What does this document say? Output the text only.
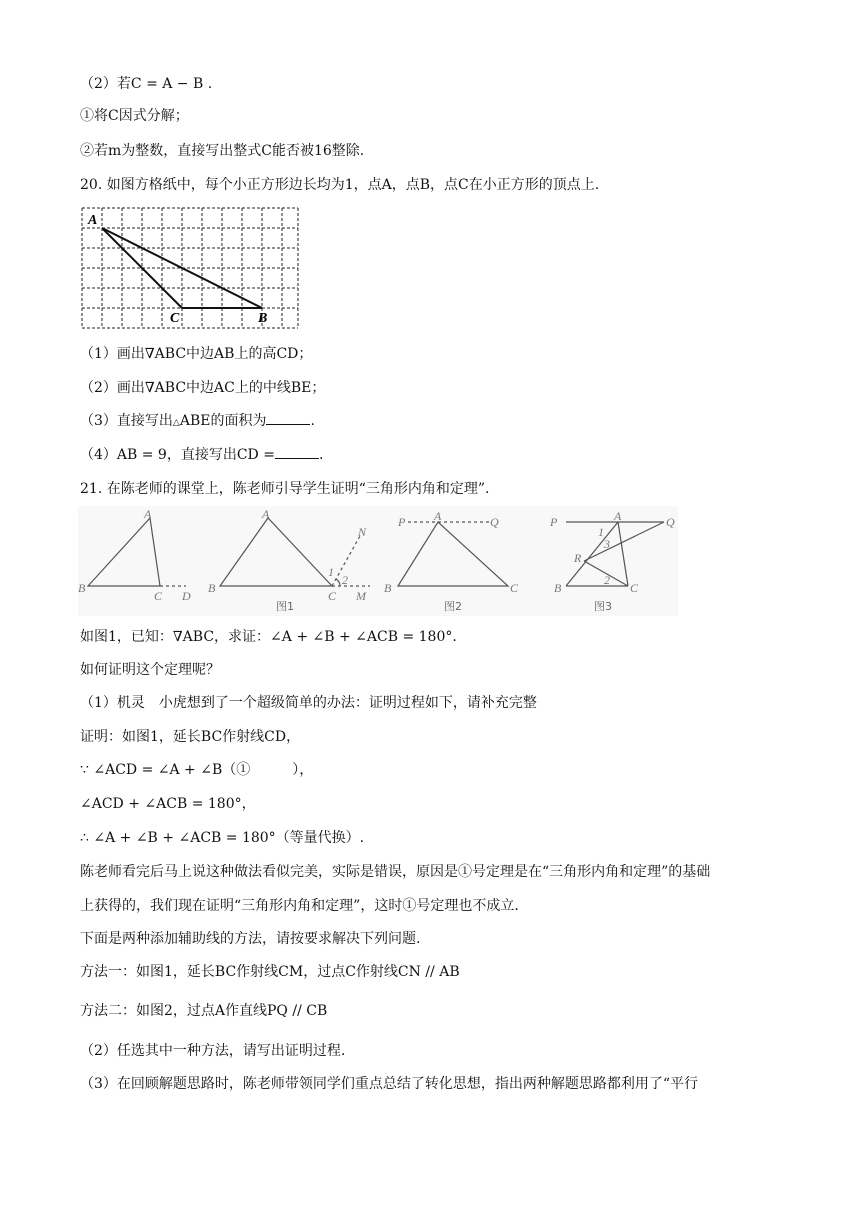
（2）若C = A − B .
①将C因式分解；
②若m为整数，直接写出整式C能否被16整除.
20. 如图方格纸中，每个小正方形边长均为1，点A，点B，点C在小正方形的顶点上.
A
C	B
（1）画出∇ABC中边AB上的高CD；
（2）画出∇ABC中边AC上的中线BE；
（3）直接写出△ABE的面积为	.
（4）AB = 9，直接写出CD =	.
21. 在陈老师的课堂上，陈老师引导学生证明“三角形内角和定理”.
A
B
C D
A
B
C M
N
1
2
图1
P A	Q
B	C
图2
P	A	Q
R
B	C
1
3
2
图3
如图1，已知：∇ABC，求证：∠A + ∠B + ∠ACB = 180°.
如何证明这个定理呢？
（1）机灵　小虎想到了一个超级简单的办法：证明过程如下，请补充完整
证明：如图1，延长BC作射线CD，
∵ ∠ACD = ∠A + ∠B（①　　　），
∠ACD + ∠ACB = 180°，
∴ ∠A + ∠B + ∠ACB = 180°（等量代换）.
陈老师看完后马上说这种做法看似完美，实际是错误，原因是①号定理是在“三角形内角和定理”的基础
上获得的，我们现在证明“三角形内角和定理”，这时①号定理也不成立.
下面是两种添加辅助线的方法，请按要求解决下列问题.
方法一：如图1，延长BC作射线CM，过点C作射线CN // AB
方法二：如图2，过点A作直线PQ // CB
（2）任选其中一种方法，请写出证明过程.
（3）在回顾解题思路时，陈老师带领同学们重点总结了转化思想，指出两种解题思路都利用了“平行
